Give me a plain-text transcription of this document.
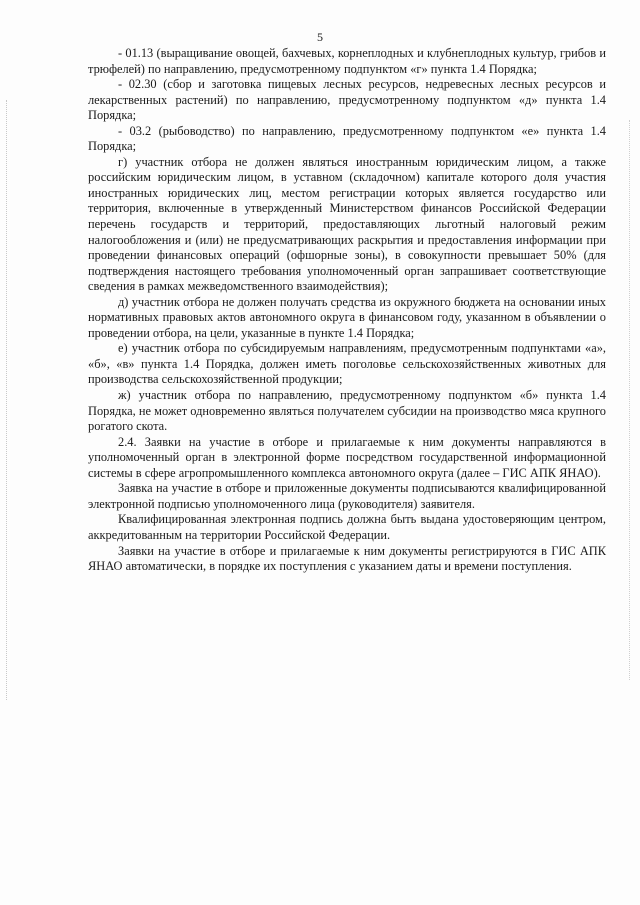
5

- 01.13 (выращивание овощей, бахчевых, корнеплодных и клубнеплодных культур, грибов и трюфелей) по направлению, предусмотренному подпунктом «г» пункта 1.4 Порядка;

- 02.30 (сбор и заготовка пищевых лесных ресурсов, недревесных лесных ресурсов и лекарственных растений) по направлению, предусмотренному подпунктом «д» пункта 1.4 Порядка;

- 03.2 (рыбоводство) по направлению, предусмотренному подпунктом «е» пункта 1.4 Порядка;

г) участник отбора не должен являться иностранным юридическим лицом, а также российским юридическим лицом, в уставном (складочном) капитале которого доля участия иностранных юридических лиц, местом регистрации которых является государство или территория, включенные в утвержденный Министерством финансов Российской Федерации перечень государств и территорий, предоставляющих льготный налоговый режим налогообложения и (или) не предусматривающих раскрытия и предоставления информации при проведении финансовых операций (офшорные зоны), в совокупности превышает 50% (для подтверждения настоящего требования уполномоченный орган запрашивает соответствующие сведения в рамках межведомственного взаимодействия);

д) участник отбора не должен получать средства из окружного бюджета на основании иных нормативных правовых актов автономного округа в финансовом году, указанном в объявлении о проведении отбора, на цели, указанные в пункте 1.4 Порядка;

е) участник отбора по субсидируемым направлениям, предусмотренным подпунктами «а», «б», «в» пункта 1.4 Порядка, должен иметь поголовье сельскохозяйственных животных для производства сельскохозяйственной продукции;

ж) участник отбора по направлению, предусмотренному подпунктом «б» пункта 1.4 Порядка, не может одновременно являться получателем субсидии на производство мяса крупного рогатого скота.

2.4. Заявки на участие в отборе и прилагаемые к ним документы направляются в уполномоченный орган в электронной форме посредством государственной информационной системы в сфере агропромышленного комплекса автономного округа (далее – ГИС АПК ЯНАО).

Заявка на участие в отборе и приложенные документы подписываются квалифицированной электронной подписью уполномоченного лица (руководителя) заявителя.

Квалифицированная электронная подпись должна быть выдана удостоверяющим центром, аккредитованным на территории Российской Федерации.

Заявки на участие в отборе и прилагаемые к ним документы регистрируются в ГИС АПК ЯНАО автоматически, в порядке их поступления с указанием даты и времени поступления.
